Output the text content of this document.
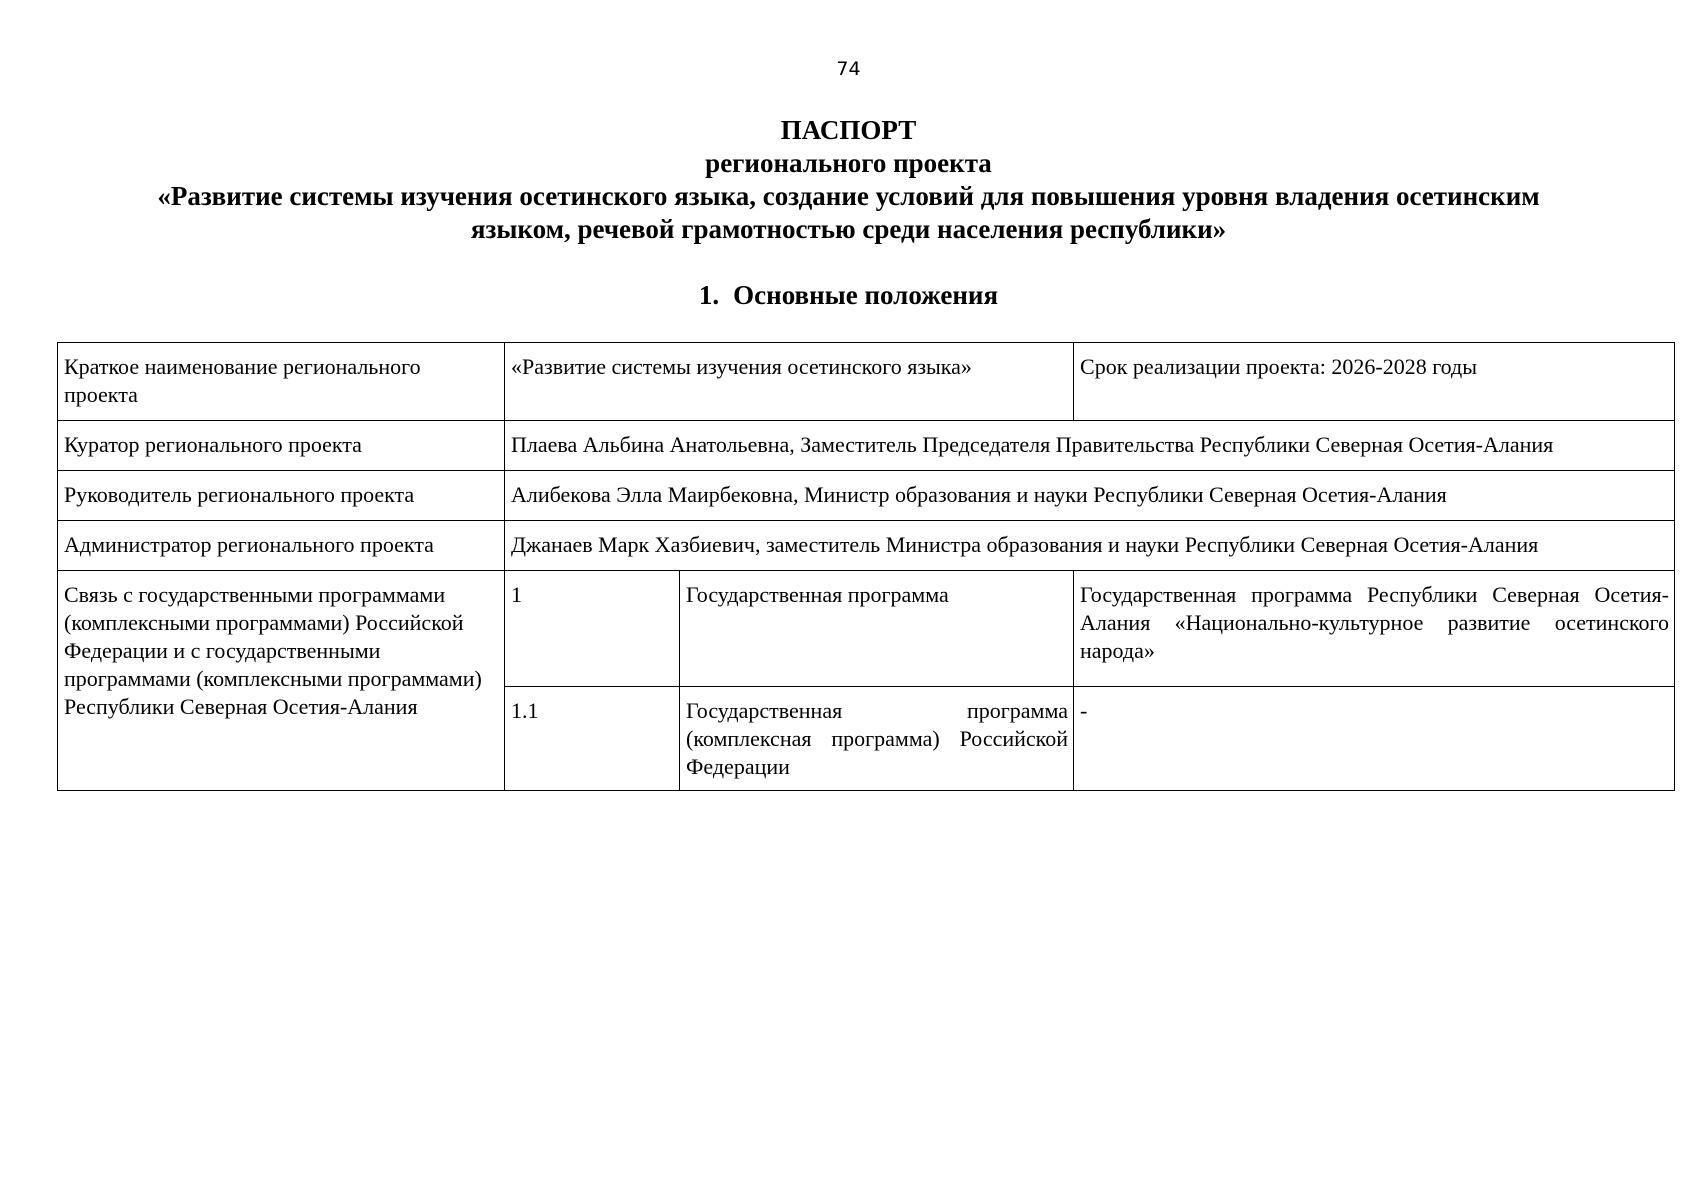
74
ПАСПОРТ
регионального проекта
«Развитие системы изучения осетинского языка, создание условий для повышения уровня владения осетинским
языком, речевой грамотностью среди населения республики»
1. Основные положения
Краткое наименование регионального проекта	«Развитие системы изучения осетинского языка»		Срок реализации проекта: 2026-2028 годы
Куратор регионального проекта	Плаева Альбина Анатольевна, Заместитель Председателя Правительства Республики Северная Осетия-Алания		
Руководитель регионального проекта	Алибекова Элла Маирбековна, Министр образования и науки Республики Северная Осетия-Алания		
Администратор регионального проекта	Джанаев Марк Хазбиевич, заместитель Министра образования и науки Республики Северная Осетия-Алания		
Связь с государственными программами (комплексными программами) Российской Федерации и с государственными программами (комплексными программами) Республики Северная Осетия-Алания	1	Государственная программа	Государственная программа Республики Северная Осетия-Алания «Национально-культурное развитие осетинского народа»
	1.1	Государственная программа (комплексная программа) Российской Федерации	-
